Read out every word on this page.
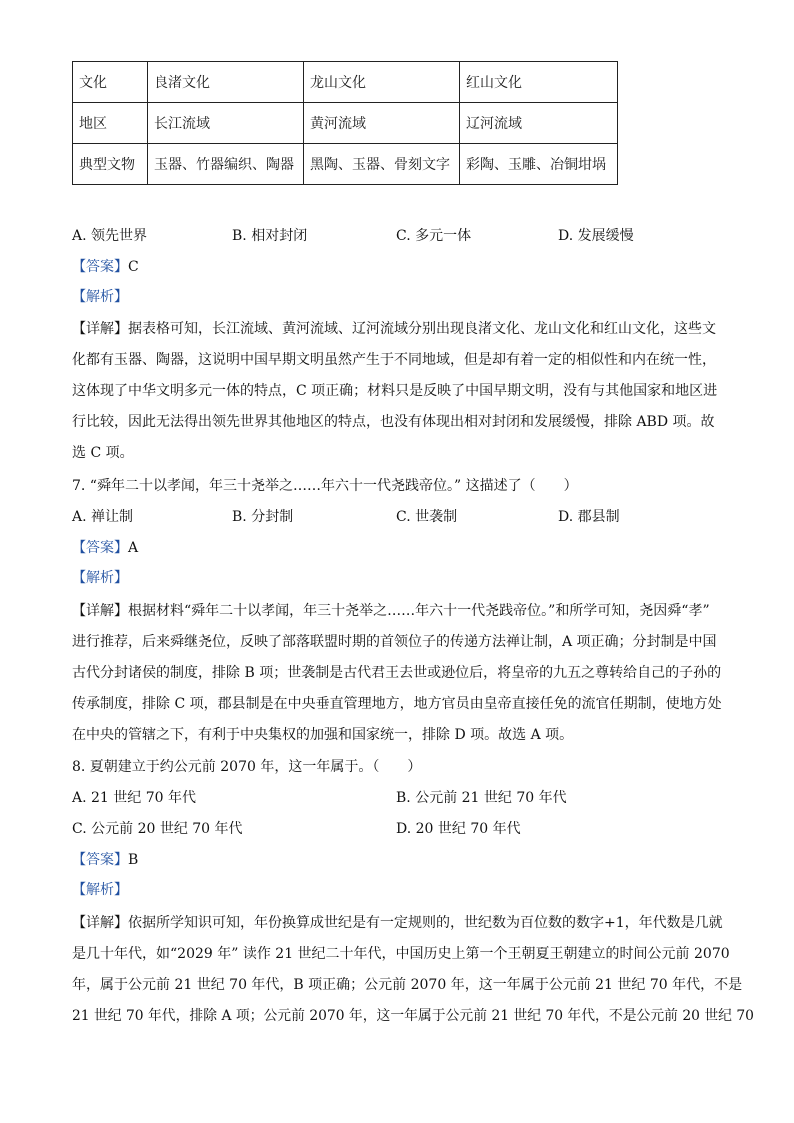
文化	良渚文化	龙山文化	红山文化
地区	长江流域	黄河流域	辽河流域
典型文物	玉器、竹器编织、陶器	黑陶、玉器、骨刻文字	彩陶、玉雕、冶铜坩埚
A. 领先世界	B. 相对封闭	C. 多元一体	D. 发展缓慢
【答案】C
【解析】
【详解】据表格可知，长江流域、黄河流域、辽河流域分别出现良渚文化、龙山文化和红山文化，这些文
化都有玉器、陶器，这说明中国早期文明虽然产生于不同地域，但是却有着一定的相似性和内在统一性，
这体现了中华文明多元一体的特点，C 项正确；材料只是反映了中国早期文明，没有与其他国家和地区进
行比较，因此无法得出领先世界其他地区的特点，也没有体现出相对封闭和发展缓慢，排除 ABD 项。故
选 C 项。
7. “舜年二十以孝闻，年三十尧举之……年六十一代尧践帝位。” 这描述了（　　）
A. 禅让制	B. 分封制	C. 世袭制	D. 郡县制
【答案】A
【解析】
【详解】根据材料“舜年二十以孝闻，年三十尧举之……年六十一代尧践帝位。”和所学可知，尧因舜“孝”
进行推荐，后来舜继尧位，反映了部落联盟时期的首领位子的传递方法禅让制，A 项正确；分封制是中国
古代分封诸侯的制度，排除 B 项；世袭制是古代君王去世或逊位后，将皇帝的九五之尊转给自己的子孙的
传承制度，排除 C 项，郡县制是在中央垂直管理地方，地方官员由皇帝直接任免的流官任期制，使地方处
在中央的管辖之下，有利于中央集权的加强和国家统一，排除 D 项。故选 A 项。
8. 夏朝建立于约公元前 2070 年，这一年属于。（　　）
A. 21 世纪 70 年代	B. 公元前 21 世纪 70 年代
C. 公元前 20 世纪 70 年代	D. 20 世纪 70 年代
【答案】B
【解析】
【详解】依据所学知识可知，年份换算成世纪是有一定规则的，世纪数为百位数的数字+1，年代数是几就
是几十年代，如“2029 年” 读作 21 世纪二十年代，中国历史上第一个王朝夏王朝建立的时间公元前 2070
年，属于公元前 21 世纪 70 年代，B 项正确；公元前 2070 年，这一年属于公元前 21 世纪 70 年代，不是
21 世纪 70 年代，排除 A 项；公元前 2070 年，这一年属于公元前 21 世纪 70 年代，不是公元前 20 世纪 70
